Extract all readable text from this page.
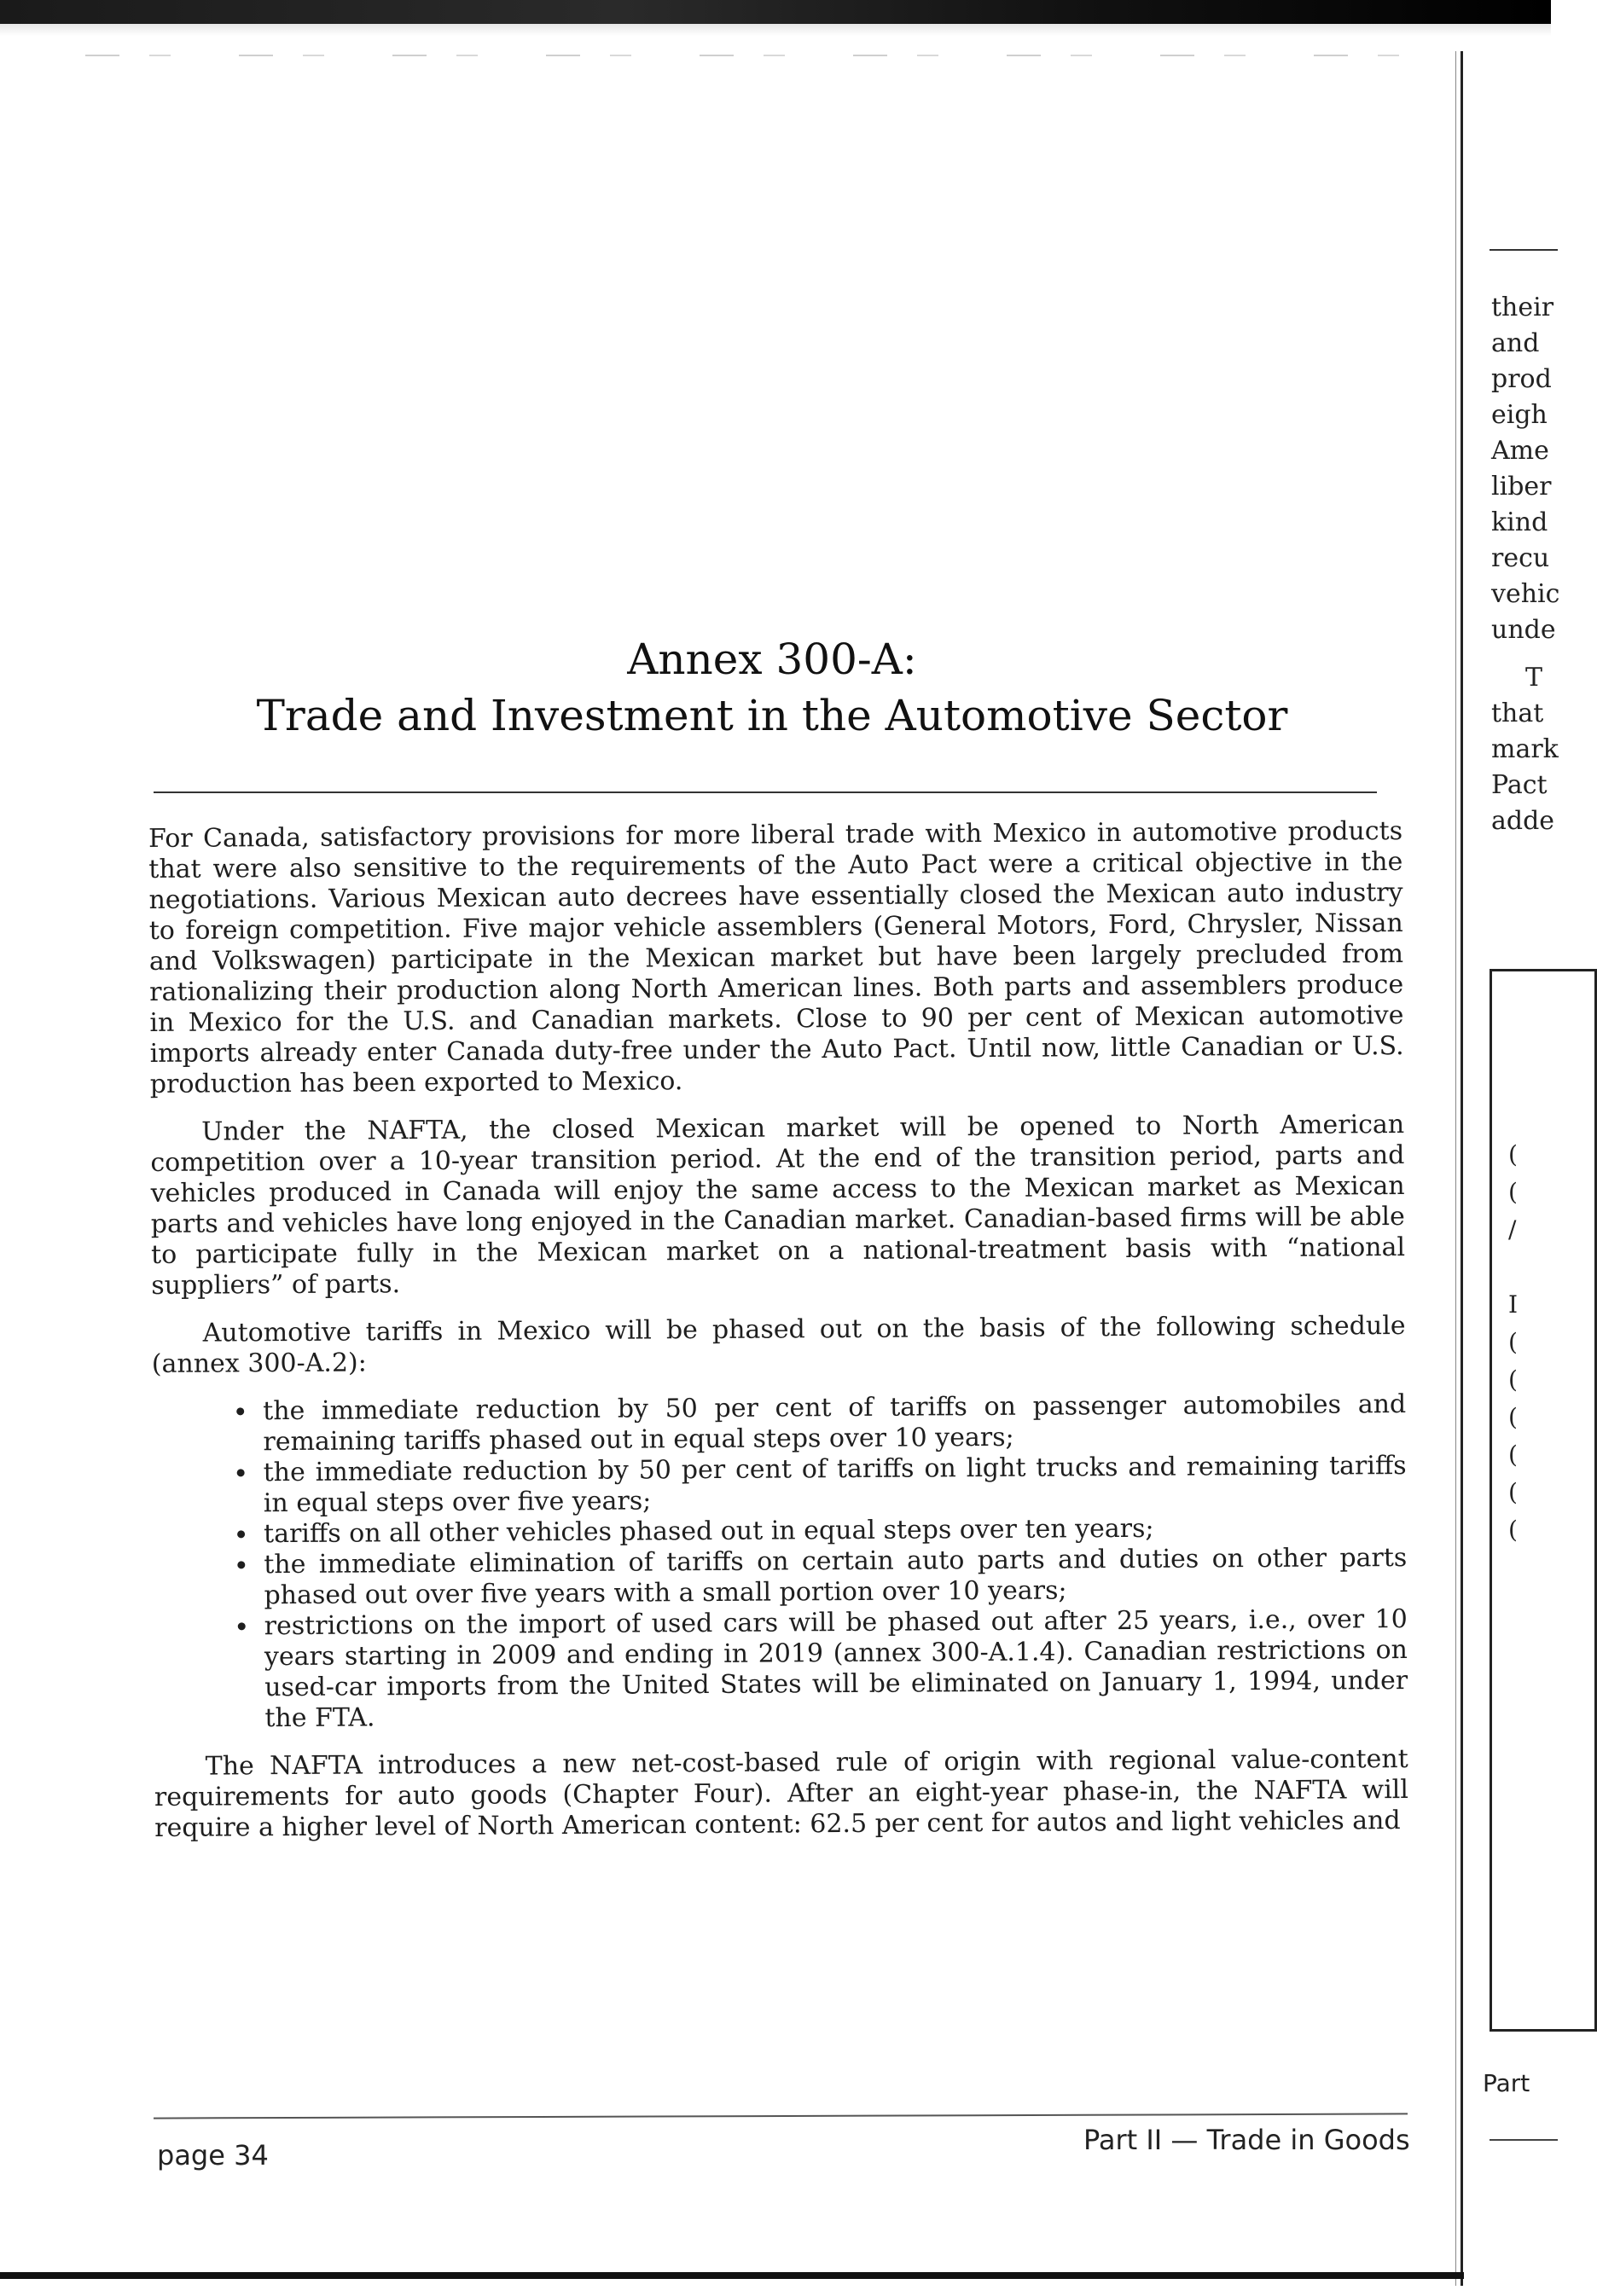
their
and
prod
eigh
Ame
liber
kind
recu
vehic
unde
T
that
mark
Pact
adde

(
(
/

I
(
(
(
(
(
(
Part
Annex 300-A:
Trade and Investment in the Automotive Sector

For Canada, satisfactory provisions for more liberal trade with Mexico in automotive products that were also sensitive to the requirements of the Auto Pact were a critical objective in the negotiations. Various Mexican auto decrees have essentially closed the Mexican auto industry to foreign competition. Five major vehicle assemblers (General Motors, Ford, Chrysler, Nissan and Volkswagen) participate in the Mexican market but have been largely precluded from rationalizing their production along North American lines. Both parts and assemblers produce in Mexico for the U.S. and Canadian markets. Close to 90 per cent of Mexican automotive imports already enter Canada duty-free under the Auto Pact. Until now, little Canadian or U.S. production has been exported to Mexico.

Under the NAFTA, the closed Mexican market will be opened to North American competition over a 10-year transition period. At the end of the transition period, parts and vehicles produced in Canada will enjoy the same access to the Mexican market as Mexican parts and vehicles have long enjoyed in the Canadian market. Canadian-based firms will be able to participate fully in the Mexican market on a national-treatment basis with “national suppliers” of parts.

Automotive tariffs in Mexico will be phased out on the basis of the following schedule (annex 300-A.2):

• the immediate reduction by 50 per cent of tariffs on passenger automobiles and remaining tariffs phased out in equal steps over 10 years;
• the immediate reduction by 50 per cent of tariffs on light trucks and remaining tariffs in equal steps over five years;
• tariffs on all other vehicles phased out in equal steps over ten years;
• the immediate elimination of tariffs on certain auto parts and duties on other parts phased out over five years with a small portion over 10 years;
• restrictions on the import of used cars will be phased out after 25 years, i.e., over 10 years starting in 2009 and ending in 2019 (annex 300-A.1.4). Canadian restrictions on used-car imports from the United States will be eliminated on January 1, 1994, under the FTA.

The NAFTA introduces a new net-cost-based rule of origin with regional value-content requirements for auto goods (Chapter Four). After an eight-year phase-in, the NAFTA will require a higher level of North American content: 62.5 per cent for autos and light vehicles and

page 34	Part II — Trade in Goods
